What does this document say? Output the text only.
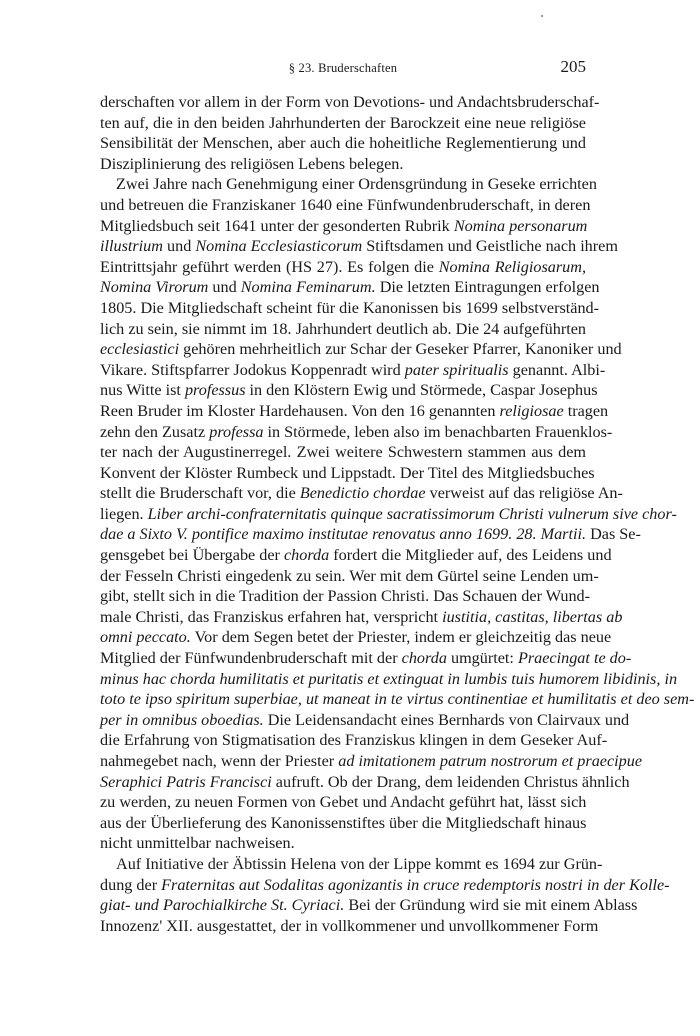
§ 23. Bruderschaften	205
derschaften vor allem in der Form von Devotions- und Andachtsbruderschaf-
ten auf, die in den beiden Jahrhunderten der Barockzeit eine neue religiöse
Sensibilität der Menschen, aber auch die hoheitliche Reglementierung und
Disziplinierung des religiösen Lebens belegen.
Zwei Jahre nach Genehmigung einer Ordensgründung in Geseke errichten
und betreuen die Franziskaner 1640 eine Fünfwundenbruderschaft, in deren
Mitgliedsbuch seit 1641 unter der gesonderten Rubrik Nomina personarum
illustrium und Nomina Ecclesiasticorum Stiftsdamen und Geistliche nach ihrem
Eintrittsjahr geführt werden (HS 27). Es folgen die Nomina Religiosarum,
Nomina Virorum und Nomina Feminarum. Die letzten Eintragungen erfolgen
1805. Die Mitgliedschaft scheint für die Kanonissen bis 1699 selbstverständ-
lich zu sein, sie nimmt im 18. Jahrhundert deutlich ab. Die 24 aufgeführten
ecclesiastici gehören mehrheitlich zur Schar der Geseker Pfarrer, Kanoniker und
Vikare. Stiftspfarrer Jodokus Koppenradt wird pater spiritualis genannt. Albi-
nus Witte ist professus in den Klöstern Ewig und Störmede, Caspar Josephus
Reen Bruder im Kloster Hardehausen. Von den 16 genannten religiosae tragen
zehn den Zusatz professa in Störmede, leben also im benachbarten Frauenklos-
ter nach der Augustinerregel. Zwei weitere Schwestern stammen aus dem
Konvent der Klöster Rumbeck und Lippstadt. Der Titel des Mitgliedsbuches
stellt die Bruderschaft vor, die Benedictio chordae verweist auf das religiöse An-
liegen. Liber archi-confraternitatis quinque sacratissimorum Christi vulnerum sive chor-
dae a Sixto V. pontifice maximo institutae renovatus anno 1699. 28. Martii. Das Se-
gensgebet bei Übergabe der chorda fordert die Mitglieder auf, des Leidens und
der Fesseln Christi eingedenk zu sein. Wer mit dem Gürtel seine Lenden um-
gibt, stellt sich in die Tradition der Passion Christi. Das Schauen der Wund-
male Christi, das Franziskus erfahren hat, verspricht iustitia, castitas, libertas ab
omni peccato. Vor dem Segen betet der Priester, indem er gleichzeitig das neue
Mitglied der Fünfwundenbruderschaft mit der chorda umgürtet: Praecingat te do-
minus hac chorda humilitatis et puritatis et extinguat in lumbis tuis humorem libidinis, in
toto te ipso spiritum superbiae, ut maneat in te virtus continentiae et humilitatis et deo sem-
per in omnibus oboedias. Die Leidensandacht eines Bernhards von Clairvaux und
die Erfahrung von Stigmatisation des Franziskus klingen in dem Geseker Auf-
nahmegebet nach, wenn der Priester ad imitationem patrum nostrorum et praecipue
Seraphici Patris Francisci aufruft. Ob der Drang, dem leidenden Christus ähnlich
zu werden, zu neuen Formen von Gebet und Andacht geführt hat, lässt sich
aus der Überlieferung des Kanonissenstiftes über die Mitgliedschaft hinaus
nicht unmittelbar nachweisen.
Auf Initiative der Äbtissin Helena von der Lippe kommt es 1694 zur Grün-
dung der Fraternitas aut Sodalitas agonizantis in cruce redemptoris nostri in der Kolle-
giat- und Parochialkirche St. Cyriaci. Bei der Gründung wird sie mit einem Ablass
Innozenz' XII. ausgestattet, der in vollkommener und unvollkommener Form
